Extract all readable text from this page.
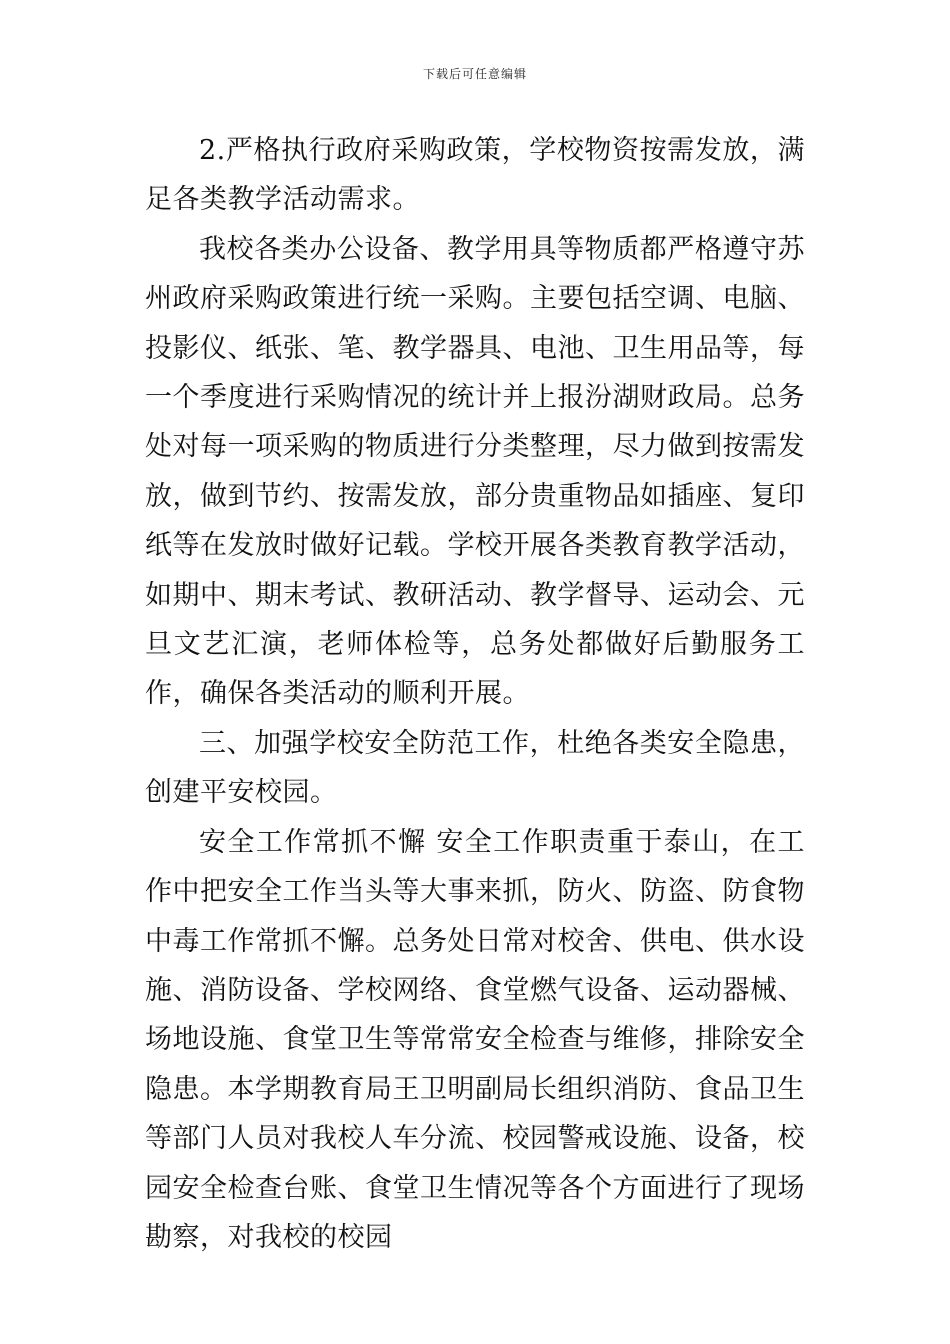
下载后可任意编辑

2.严格执行政府采购政策，学校物资按需发放，满足各类教学活动需求。

我校各类办公设备、教学用具等物质都严格遵守苏州政府采购政策进行统一采购。主要包括空调、电脑、投影仪、纸张、笔、教学器具、电池、卫生用品等，每一个季度进行采购情况的统计并上报汾湖财政局。总务处对每一项采购的物质进行分类整理，尽力做到按需发放，做到节约、按需发放，部分贵重物品如插座、复印纸等在发放时做好记载。学校开展各类教育教学活动，如期中、期末考试、教研活动、教学督导、运动会、元旦文艺汇演，老师体检等，总务处都做好后勤服务工作，确保各类活动的顺利开展。

三、加强学校安全防范工作，杜绝各类安全隐患，创建平安校园。

安全工作常抓不懈 安全工作职责重于泰山，在工作中把安全工作当头等大事来抓，防火、防盗、防食物中毒工作常抓不懈。总务处日常对校舍、供电、供水设施、消防设备、学校网络、食堂燃气设备、运动器械、场地设施、食堂卫生等常常安全检查与维修，排除安全隐患。本学期教育局王卫明副局长组织消防、食品卫生等部门人员对我校人车分流、校园警戒设施、设备，校园安全检查台账、食堂卫生情况等各个方面进行了现场勘察，对我校的校园
